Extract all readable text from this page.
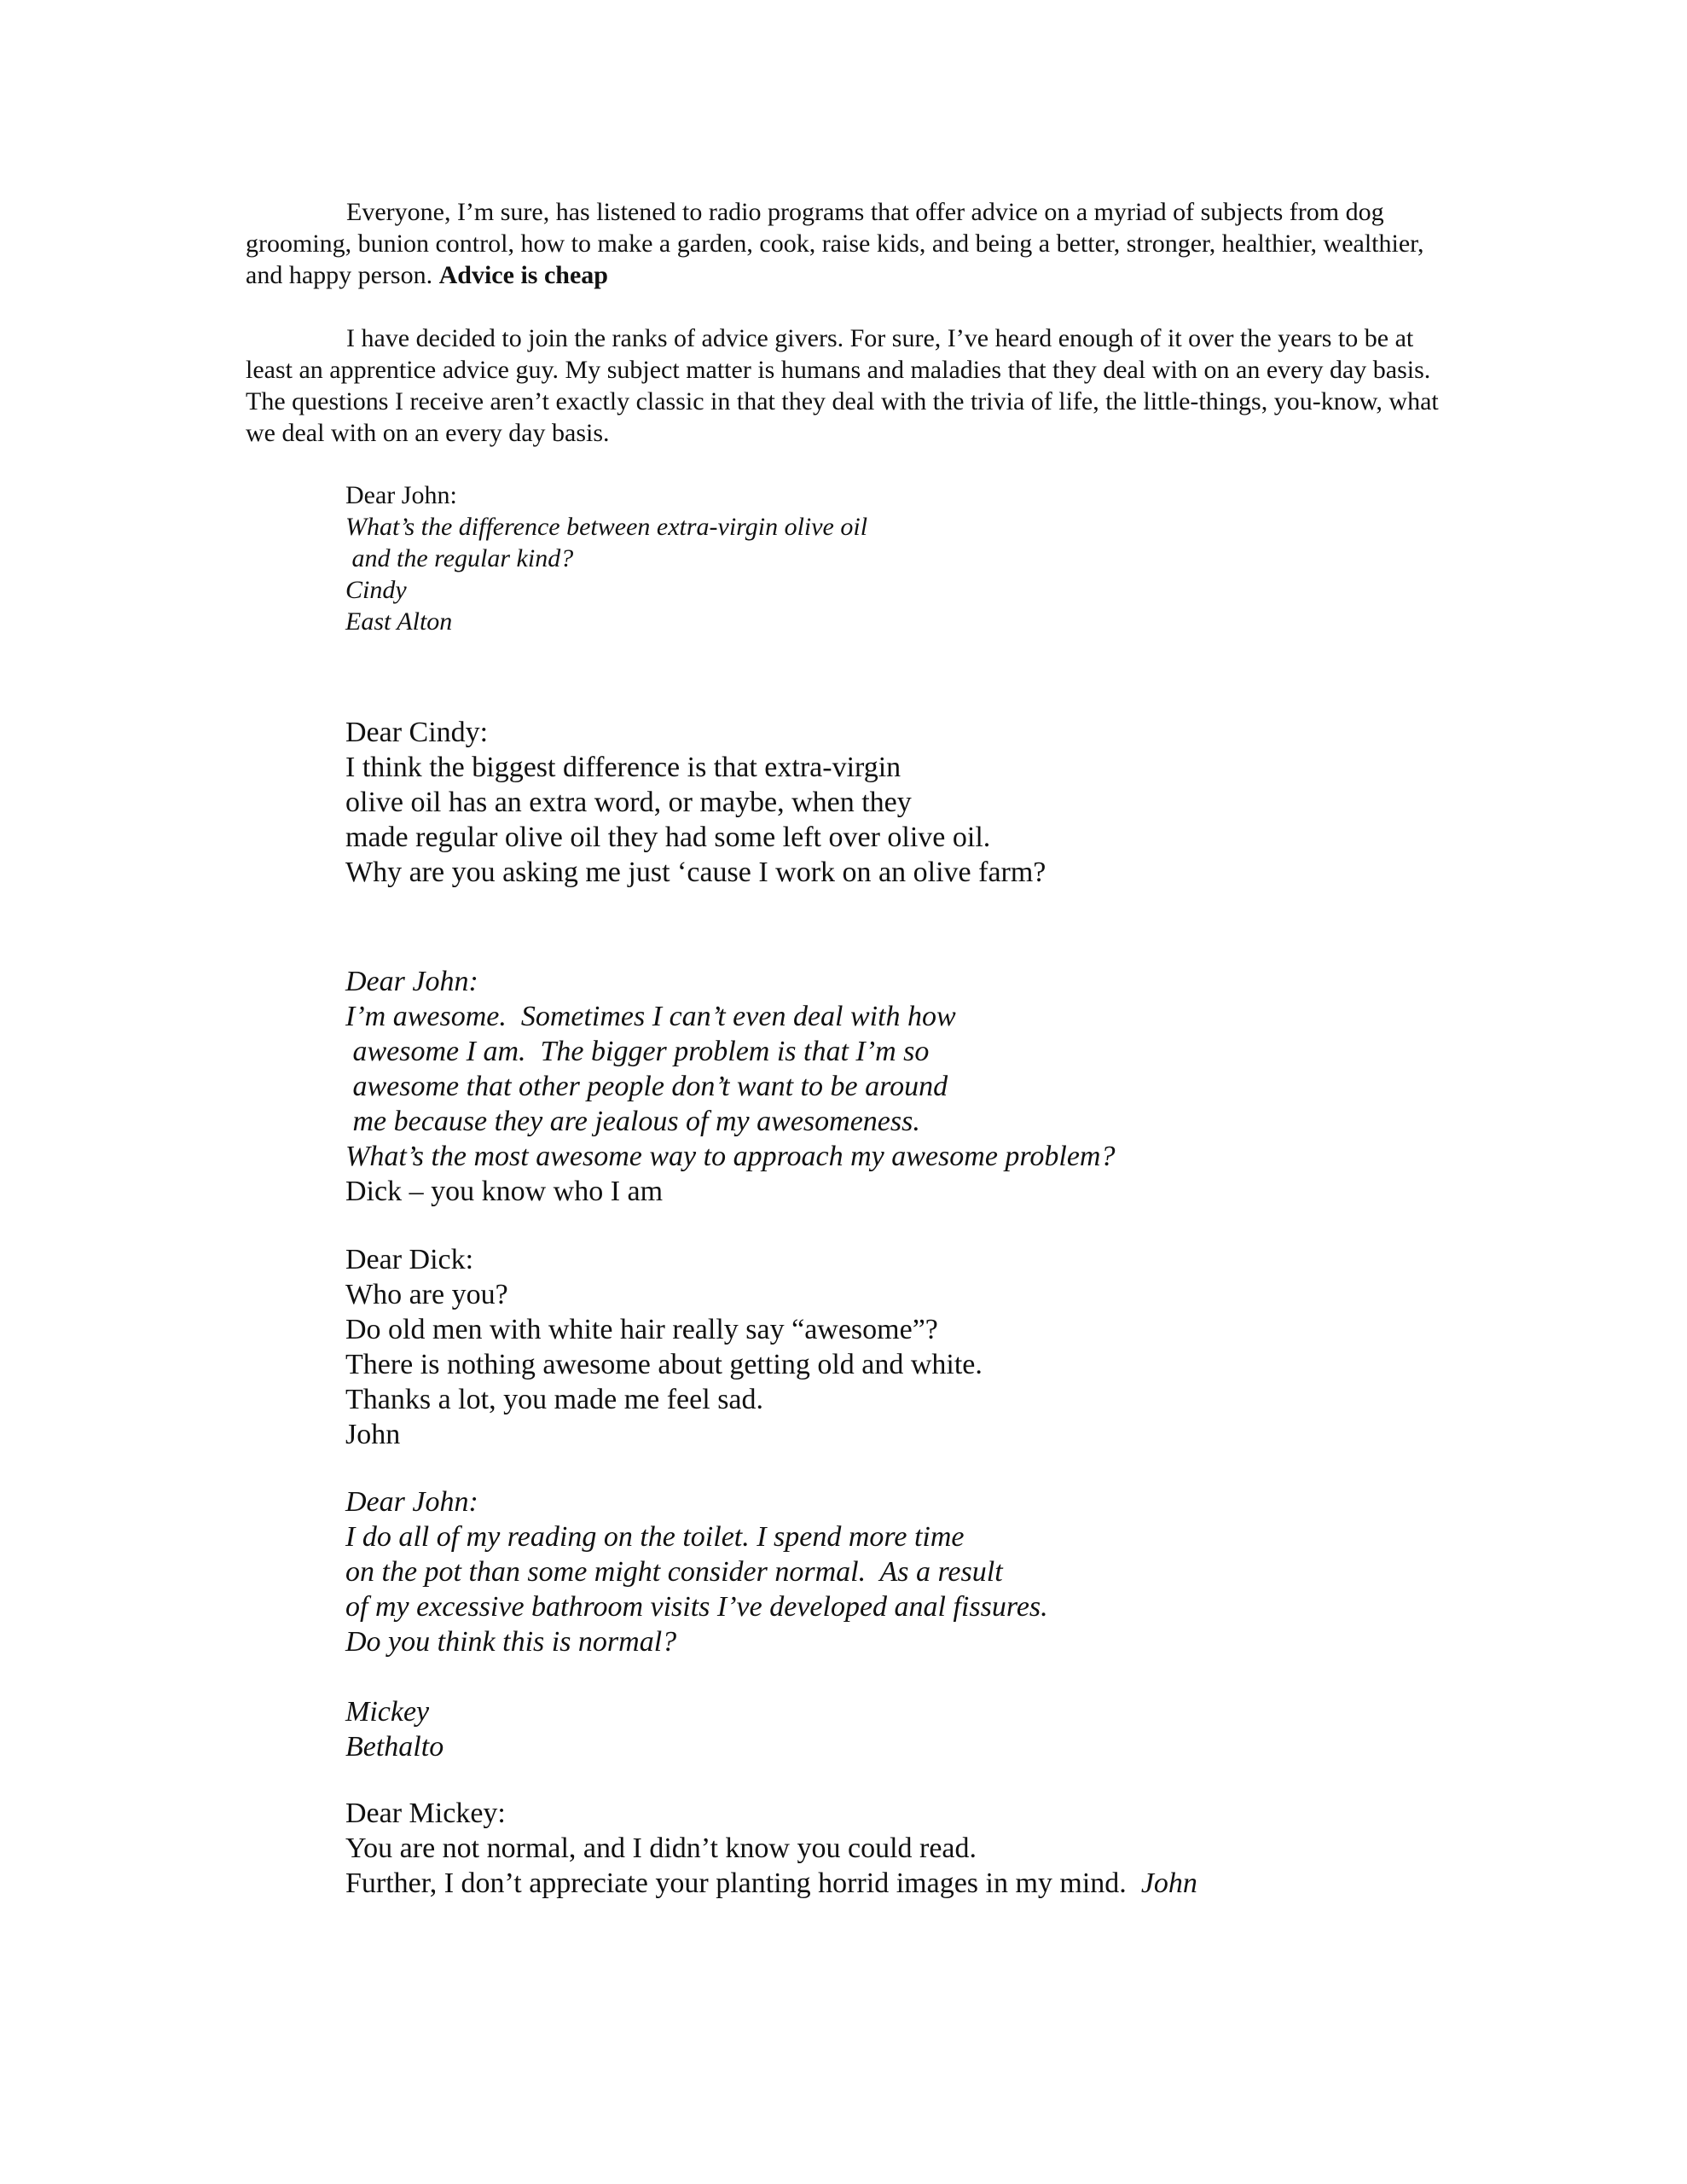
Everyone, I’m sure, has listened to radio programs that offer advice on a myriad of subjects from dog grooming, bunion control, how to make a garden, cook, raise kids, and being a better, stronger, healthier, wealthier, and happy person. Advice is cheap

I have decided to join the ranks of advice givers. For sure, I’ve heard enough of it over the years to be at least an apprentice advice guy. My subject matter is humans and maladies that they deal with on an every day basis. The questions I receive aren’t exactly classic in that they deal with the trivia of life, the little-things, you-know, what we deal with on an every day basis.

Dear John:
What’s the difference between extra-virgin olive oil
and the regular kind?
Cindy
East Alton
Dear Cindy:
I think the biggest difference is that extra-virgin
olive oil has an extra word, or maybe, when they
made regular olive oil they had some left over olive oil.
Why are you asking me just ‘cause I work on an olive farm?
Dear John:
I’m awesome.  Sometimes I can’t even deal with how
awesome I am.  The bigger problem is that I’m so
awesome that other people don’t want to be around
me because they are jealous of my awesomeness.
What’s the most awesome way to approach my awesome problem?
Dick – you know who I am
Dear Dick:
Who are you?
Do old men with white hair really say “awesome”?
There is nothing awesome about getting old and white.
Thanks a lot, you made me feel sad.
John
Dear John:
I do all of my reading on the toilet. I spend more time
on the pot than some might consider normal.  As a result
of my excessive bathroom visits I’ve developed anal fissures.
Do you think this is normal?

Mickey
Bethalto
Dear Mickey:
You are not normal, and I didn’t know you could read.
Further, I don’t appreciate your planting horrid images in my mind.  John
